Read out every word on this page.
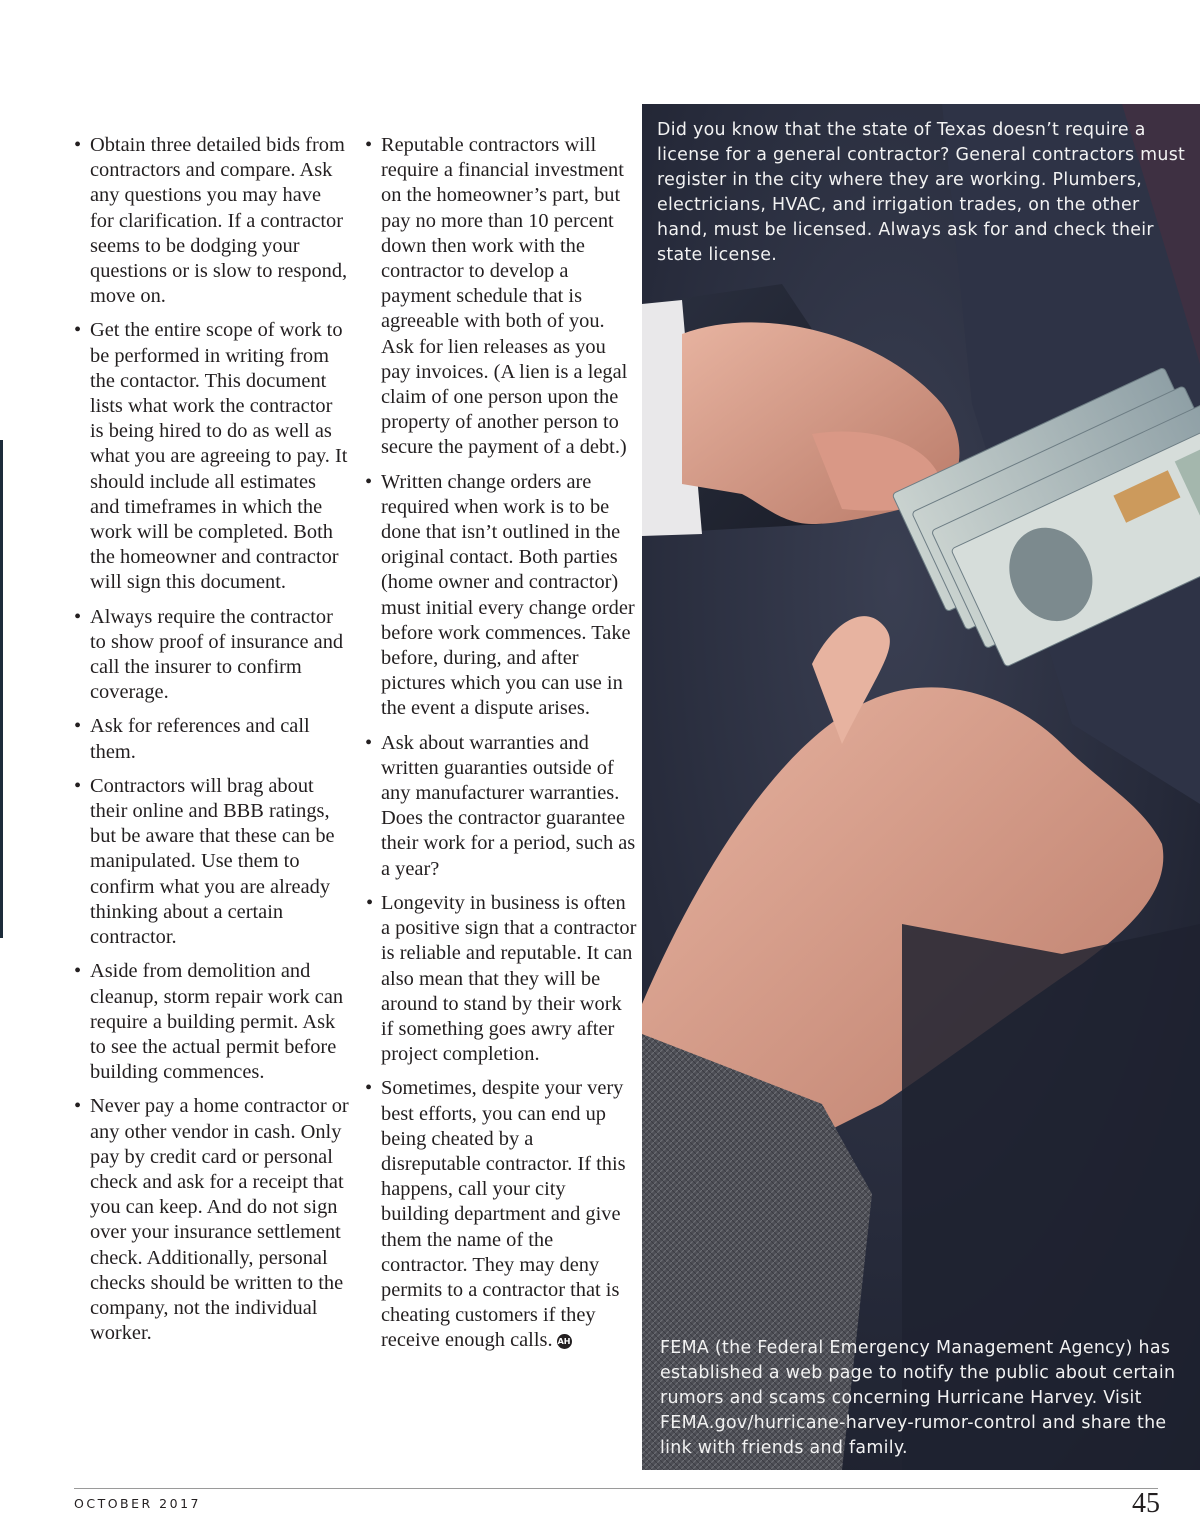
• Obtain three detailed bids from contractors and compare. Ask any questions you may have for clarification. If a contractor seems to be dodging your questions or is slow to respond, move on.
• Get the entire scope of work to be performed in writing from the contactor. This document lists what work the contractor is being hired to do as well as what you are agreeing to pay. It should include all estimates and timeframes in which the work will be completed. Both the homeowner and contractor will sign this document.
• Always require the contractor to show proof of insurance and call the insurer to confirm coverage.
• Ask for references and call them.
• Contractors will brag about their online and BBB ratings, but be aware that these can be manipulated. Use them to confirm what you are already thinking about a certain contractor.
• Aside from demolition and cleanup, storm repair work can require a building permit. Ask to see the actual permit before building commences.
• Never pay a home contractor or any other vendor in cash. Only pay by credit card or personal check and ask for a receipt that you can keep. And do not sign over your insurance settlement check. Additionally, personal checks should be written to the company, not the individual worker.
• Reputable contractors will require a financial investment on the homeowner’s part, but pay no more than 10 percent down then work with the contractor to develop a payment schedule that is agreeable with both of you. Ask for lien releases as you pay invoices. (A lien is a legal claim of one person upon the property of another person to secure the payment of a debt.)
• Written change orders are required when work is to be done that isn’t outlined in the original contact. Both parties (home owner and contractor) must initial every change order before work commences. Take before, during, and after pictures which you can use in the event a dispute arises.
• Ask about warranties and written guaranties outside of any manufacturer warranties. Does the contractor guarantee their work for a period, such as a year?
• Longevity in business is often a positive sign that a contractor is reliable and reputable. It can also mean that they will be around to stand by their work if something goes awry after project completion.
• Sometimes, despite your very best efforts, you can end up being cheated by a disreputable contractor. If this happens, call your city building department and give them the name of the contractor. They may deny permits to a contractor that is cheating customers if they receive enough calls. AH
Did you know that the state of Texas doesn’t require a license for a general contractor? General contractors must register in the city where they are working. Plumbers, electricians, HVAC, and irrigation trades, on the other hand, must be licensed. Always ask for and check their state license.
FEMA (the Federal Emergency Management Agency) has established a web page to notify the public about certain rumors and scams concerning Hurricane Harvey. Visit FEMA.gov/hurricane-harvey-rumor-control and share the link with friends and family.
OCTOBER 2017	45
